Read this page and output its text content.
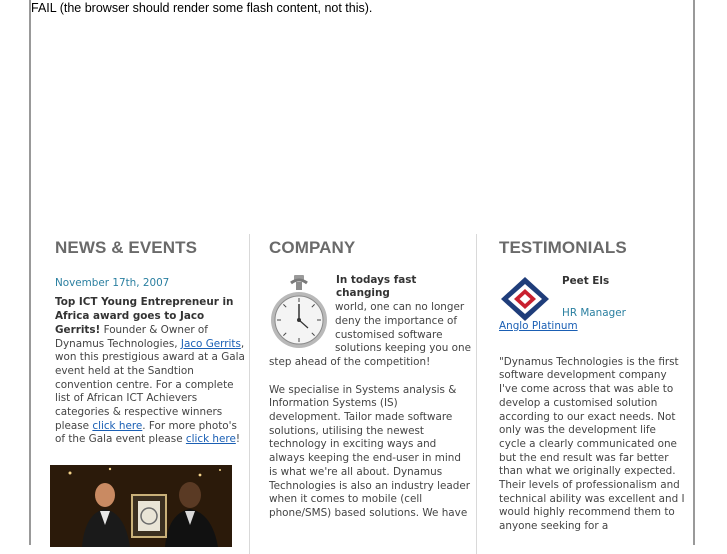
FAIL (the browser should render some flash content, not this).
NEWS & EVENTS
November 17th, 2007
Top ICT Young Entrepreneur in Africa award goes to Jaco Gerrits! Founder & Owner of Dynamus Technologies, Jaco Gerrits, won this prestigious award at a Gala event held at the Sandtion convention centre. For a complete list of African ICT Achievers categories & respective winners please click here. For more photo's of the Gala event please click here!
COMPANY
In todays fast changing
world, one can no longer deny the importance of customised software solutions keeping you one step ahead of the competition!
We specialise in Systems analysis & Information Systems (IS) development. Tailor made software solutions, utilising the newest technology in exciting ways and always keeping the end-user in mind is what we're all about. Dynamus Technologies is also an industry leader when it comes to mobile (cell phone/SMS) based solutions. We have
TESTIMONIALS
Peet Els
HR Manager
Anglo Platinum
"Dynamus Technologies is the first software development company I've come across that was able to develop a customised solution according to our exact needs. Not only was the development life cycle a clearly communicated one but the end result was far better than what we originally expected. Their levels of professionalism and technical ability was excellent and I would highly recommend them to anyone seeking for a
